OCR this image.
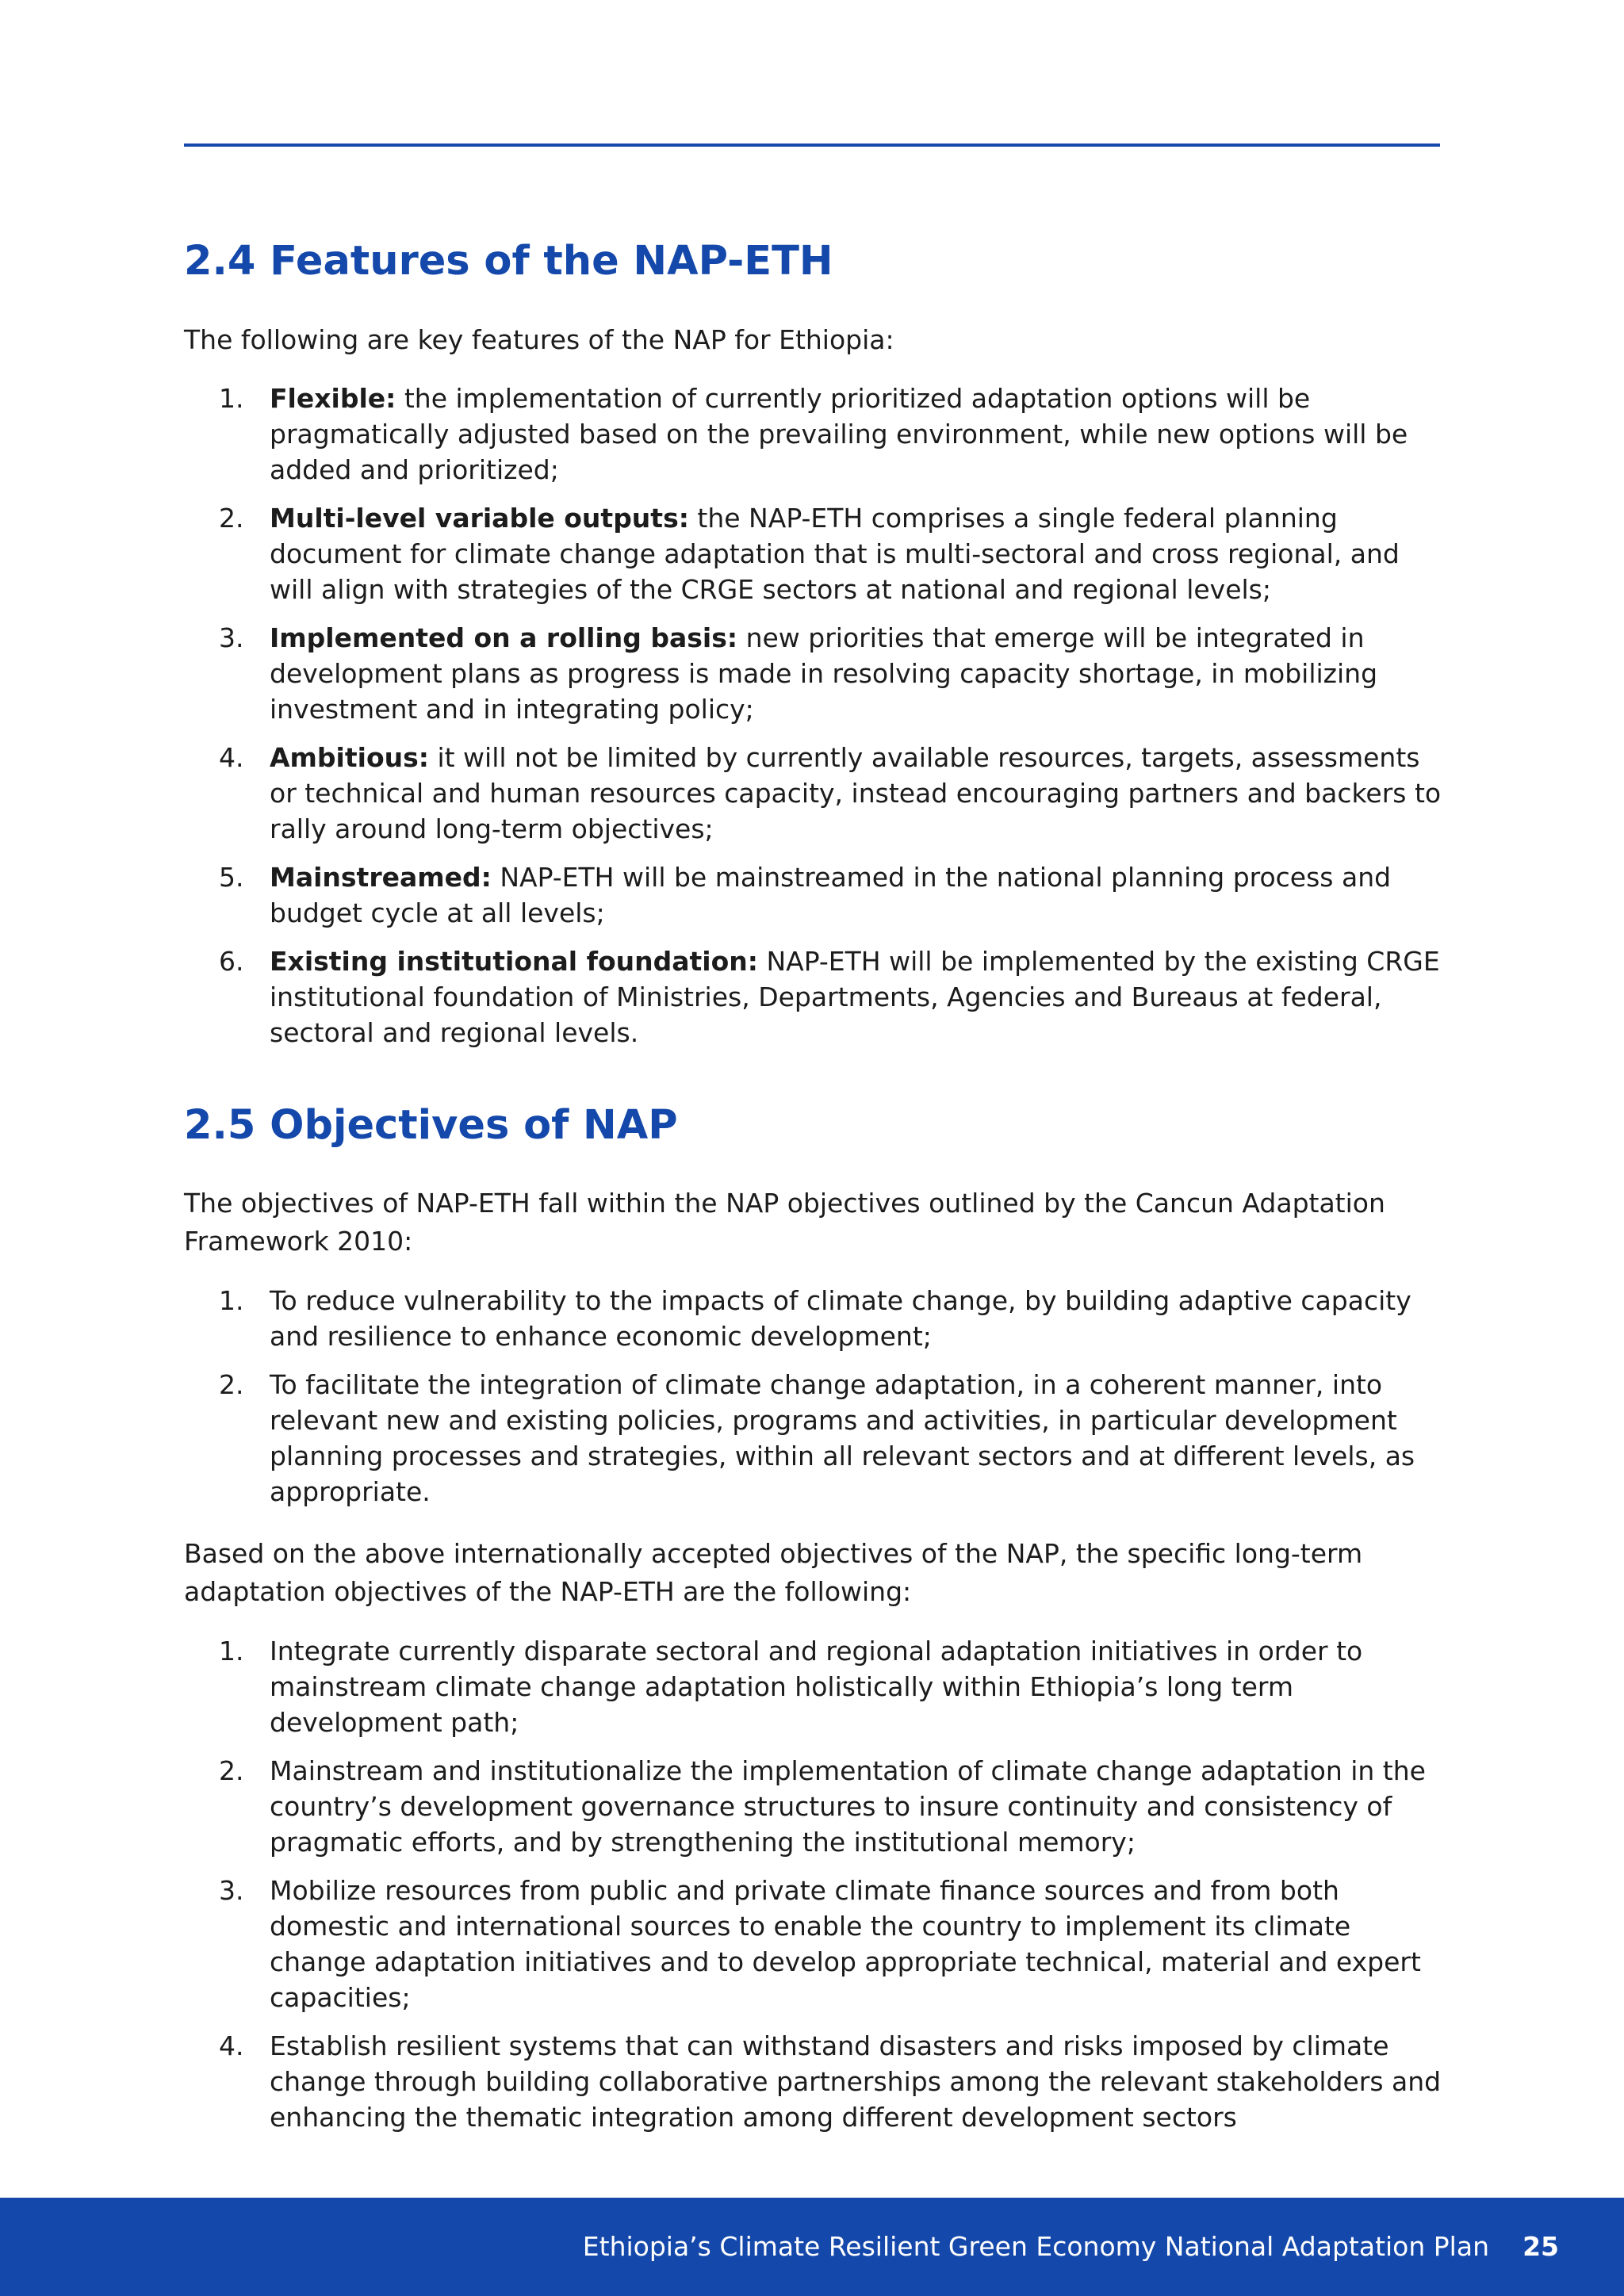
2.4 Features of the NAP-ETH

The following are key features of the NAP for Ethiopia:

1. Flexible: the implementation of currently prioritized adaptation options will be pragmatically adjusted based on the prevailing environment, while new options will be added and prioritized;
2. Multi-level variable outputs: the NAP-ETH comprises a single federal planning document for climate change adaptation that is multi-sectoral and cross regional, and will align with strategies of the CRGE sectors at national and regional levels;
3. Implemented on a rolling basis: new priorities that emerge will be integrated in development plans as progress is made in resolving capacity shortage, in mobilizing investment and in integrating policy;
4. Ambitious: it will not be limited by currently available resources, targets, assessments or technical and human resources capacity, instead encouraging partners and backers to rally around long-term objectives;
5. Mainstreamed: NAP-ETH will be mainstreamed in the national planning process and budget cycle at all levels;
6. Existing institutional foundation: NAP-ETH will be implemented by the existing CRGE institutional foundation of Ministries, Departments, Agencies and Bureaus at federal, sectoral and regional levels.
2.5 Objectives of NAP

The objectives of NAP-ETH fall within the NAP objectives outlined by the Cancun Adaptation Framework 2010:

1. To reduce vulnerability to the impacts of climate change, by building adaptive capacity and resilience to enhance economic development;
2. To facilitate the integration of climate change adaptation, in a coherent manner, into relevant new and existing policies, programs and activities, in particular development planning processes and strategies, within all relevant sectors and at different levels, as appropriate.

Based on the above internationally accepted objectives of the NAP, the specific long-term adaptation objectives of the NAP-ETH are the following:

1. Integrate currently disparate sectoral and regional adaptation initiatives in order to mainstream climate change adaptation holistically within Ethiopia’s long term development path;
2. Mainstream and institutionalize the implementation of climate change adaptation in the country’s development governance structures to insure continuity and consistency of pragmatic efforts, and by strengthening the institutional memory;
3. Mobilize resources from public and private climate finance sources and from both domestic and international sources to enable the country to implement its climate change adaptation initiatives and to develop appropriate technical, material and expert capacities;
4. Establish resilient systems that can withstand disasters and risks imposed by climate change through building collaborative partnerships among the relevant stakeholders and enhancing the thematic integration among different development sectors
Ethiopia’s Climate Resilient Green Economy National Adaptation Plan 25
